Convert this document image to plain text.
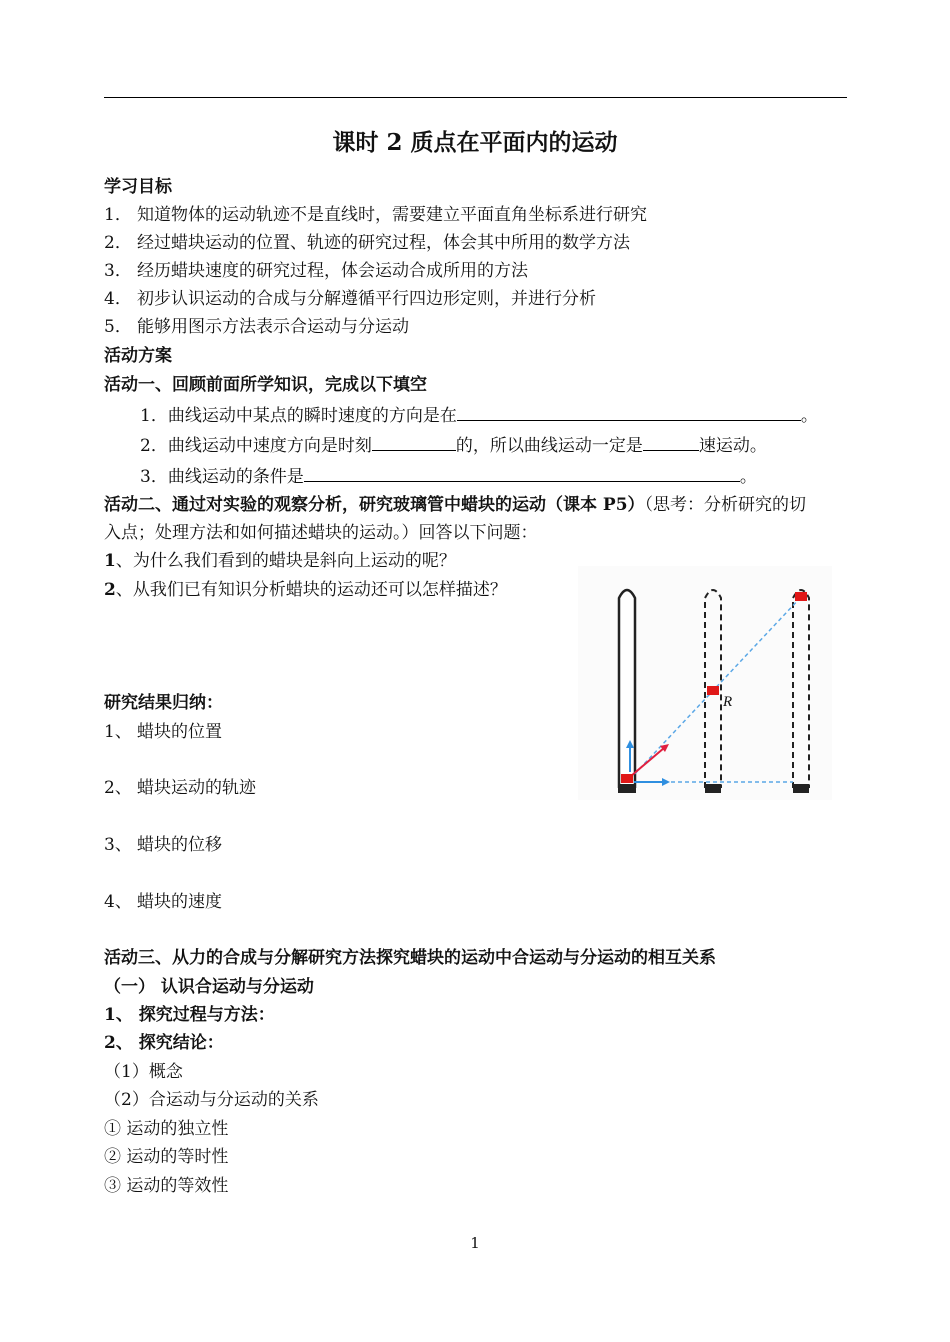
课时 2 质点在平面内的运动
学习目标
1． 知道物体的运动轨迹不是直线时，需要建立平面直角坐标系进行研究
2． 经过蜡块运动的位置、轨迹的研究过程，体会其中所用的数学方法
3． 经历蜡块速度的研究过程，体会运动合成所用的方法
4． 初步认识运动的合成与分解遵循平行四边形定则，并进行分析
5． 能够用图示方法表示合运动与分运动
活动方案
活动一、回顾前面所学知识，完成以下填空
1．曲线运动中某点的瞬时速度的方向是在	。
2．曲线运动中速度方向是时刻	的，所以曲线运动一定是	速运动。
3．曲线运动的条件是	。
活动二、通过对实验的观察分析，研究玻璃管中蜡块的运动（课本 P5）（思考：分析研究的切
入点；处理方法和如何描述蜡块的运动。）回答以下问题：
1、为什么我们看到的蜡块是斜向上运动的呢？
2、从我们已有知识分析蜡块的运动还可以怎样描述？
研究结果归纳：
1、 蜡块的位置
2、 蜡块运动的轨迹
3、 蜡块的位移
4、 蜡块的速度
R
活动三、从力的合成与分解研究方法探究蜡块的运动中合运动与分运动的相互关系
（一） 认识合运动与分运动
1、 探究过程与方法：
2、 探究结论：
（1）概念
（2）合运动与分运动的关系
① 运动的独立性
② 运动的等时性
③ 运动的等效性
1
